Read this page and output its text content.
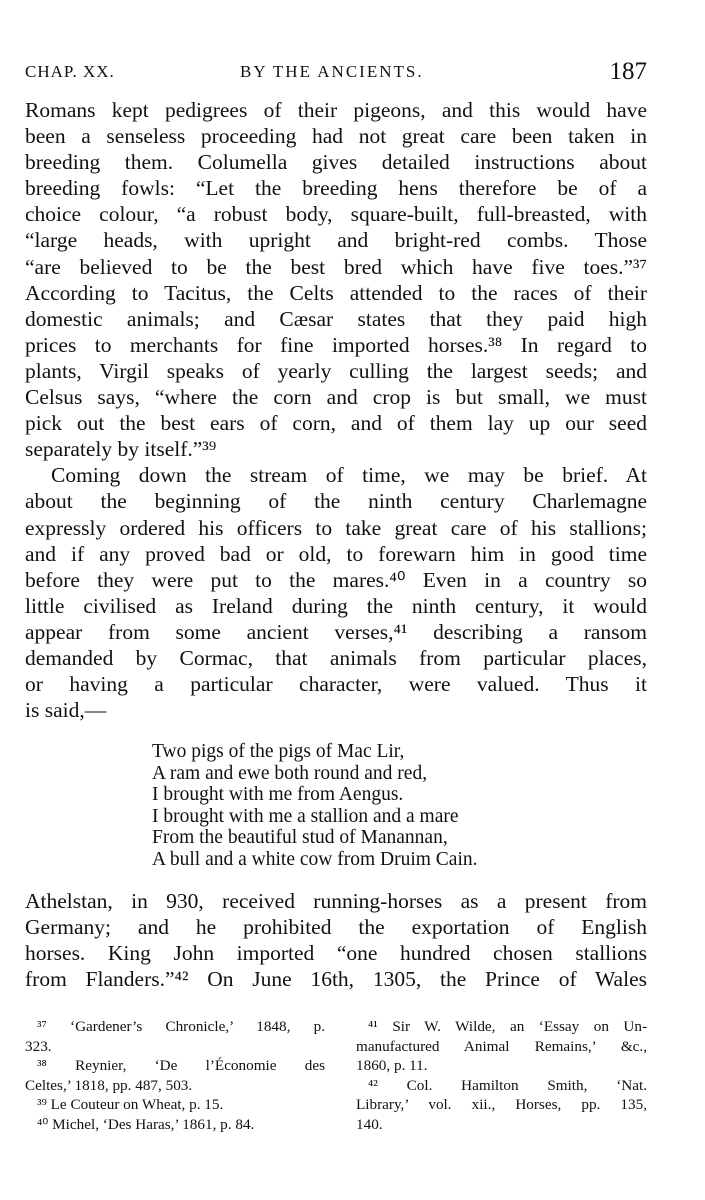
CHAP. XX.	BY THE ANCIENTS.	187
Romans kept pedigrees of their pigeons, and this would have
been a senseless proceeding had not great care been taken in
breeding them. Columella gives detailed instructions about
breeding fowls: “Let the breeding hens therefore be of a
choice colour, “a robust body, square-built, full-breasted, with
“large heads, with upright and bright-red combs. Those
“are believed to be the best bred which have five toes.”³⁷
According to Tacitus, the Celts attended to the races of their
domestic animals; and Cæsar states that they paid high
prices to merchants for fine imported horses.³⁸ In regard to
plants, Virgil speaks of yearly culling the largest seeds; and
Celsus says, “where the corn and crop is but small, we must
pick out the best ears of corn, and of them lay up our seed
separately by itself.”³⁹
Coming down the stream of time, we may be brief. At
about the beginning of the ninth century Charlemagne
expressly ordered his officers to take great care of his stallions;
and if any proved bad or old, to forewarn him in good time
before they were put to the mares.⁴⁰ Even in a country so
little civilised as Ireland during the ninth century, it would
appear from some ancient verses,⁴¹ describing a ransom
demanded by Cormac, that animals from particular places,
or having a particular character, were valued. Thus it
is said,—
Two pigs of the pigs of Mac Lir,
A ram and ewe both round and red,
I brought with me from Aengus.
I brought with me a stallion and a mare
From the beautiful stud of Manannan,
A bull and a white cow from Druim Cain.
Athelstan, in 930, received running-horses as a present from
Germany; and he prohibited the exportation of English
horses. King John imported “one hundred chosen stallions
from Flanders.”⁴² On June 16th, 1305, the Prince of Wales
³⁷ ‘Gardener’s Chronicle,’ 1848, p.
323.
³⁸ Reynier, ‘De l’Économie des
Celtes,’ 1818, pp. 487, 503.
³⁹ Le Couteur on Wheat, p. 15.
⁴⁰ Michel, ‘Des Haras,’ 1861, p. 84.
⁴¹ Sir W. Wilde, an ‘Essay on Un-
manufactured Animal Remains,’ &c.,
1860, p. 11.
⁴² Col. Hamilton Smith, ‘Nat.
Library,’ vol. xii., Horses, pp. 135,
140.
